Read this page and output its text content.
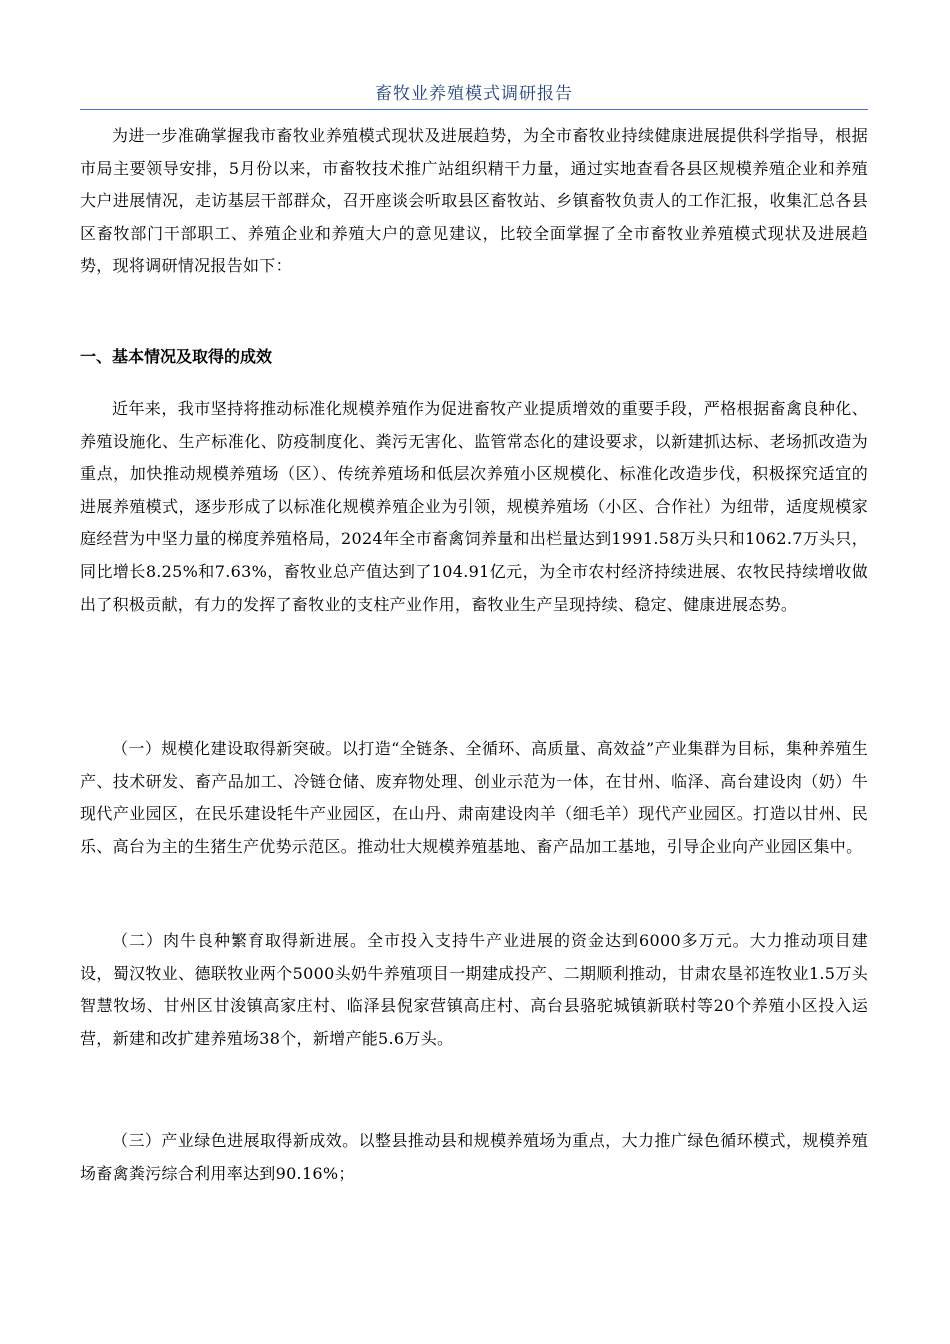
畜牧业养殖模式调研报告

为进一步准确掌握我市畜牧业养殖模式现状及进展趋势，为全市畜牧业持续健康进展提供科学指导，根据市局主要领导安排，5月份以来，市畜牧技术推广站组织精干力量，通过实地查看各县区规模养殖企业和养殖大户进展情况，走访基层干部群众，召开座谈会听取县区畜牧站、乡镇畜牧负责人的工作汇报，收集汇总各县区畜牧部门干部职工、养殖企业和养殖大户的意见建议，比较全面掌握了全市畜牧业养殖模式现状及进展趋势，现将调研情况报告如下：

一、基本情况及取得的成效

近年来，我市坚持将推动标准化规模养殖作为促进畜牧产业提质增效的重要手段，严格根据畜禽良种化、养殖设施化、生产标准化、防疫制度化、粪污无害化、监管常态化的建设要求，以新建抓达标、老场抓改造为重点，加快推动规模养殖场（区）、传统养殖场和低层次养殖小区规模化、标准化改造步伐，积极探究适宜的进展养殖模式，逐步形成了以标准化规模养殖企业为引领，规模养殖场（小区、合作社）为纽带，适度规模家庭经营为中坚力量的梯度养殖格局，2024年全市畜禽饲养量和出栏量达到1991.58万头只和1062.7万头只，同比增长8.25%和7.63%，畜牧业总产值达到了104.91亿元，为全市农村经济持续进展、农牧民持续增收做出了积极贡献，有力的发挥了畜牧业的支柱产业作用，畜牧业生产呈现持续、稳定、健康进展态势。

（一）规模化建设取得新突破。以打造“全链条、全循环、高质量、高效益”产业集群为目标，集种养殖生产、技术研发、畜产品加工、冷链仓储、废弃物处理、创业示范为一体，在甘州、临泽、高台建设肉（奶）牛现代产业园区，在民乐建设牦牛产业园区，在山丹、肃南建设肉羊（细毛羊）现代产业园区。打造以甘州、民乐、高台为主的生猪生产优势示范区。推动壮大规模养殖基地、畜产品加工基地，引导企业向产业园区集中。

（二）肉牛良种繁育取得新进展。全市投入支持牛产业进展的资金达到6000多万元。大力推动项目建设，蜀汉牧业、德联牧业两个5000头奶牛养殖项目一期建成投产、二期顺利推动，甘肃农垦祁连牧业1.5万头智慧牧场、甘州区甘浚镇高家庄村、临泽县倪家营镇高庄村、高台县骆驼城镇新联村等20个养殖小区投入运营，新建和改扩建养殖场38个，新增产能5.6万头。

（三）产业绿色进展取得新成效。以整县推动县和规模养殖场为重点，大力推广绿色循环模式，规模养殖场畜禽粪污综合利用率达到90.16%；
